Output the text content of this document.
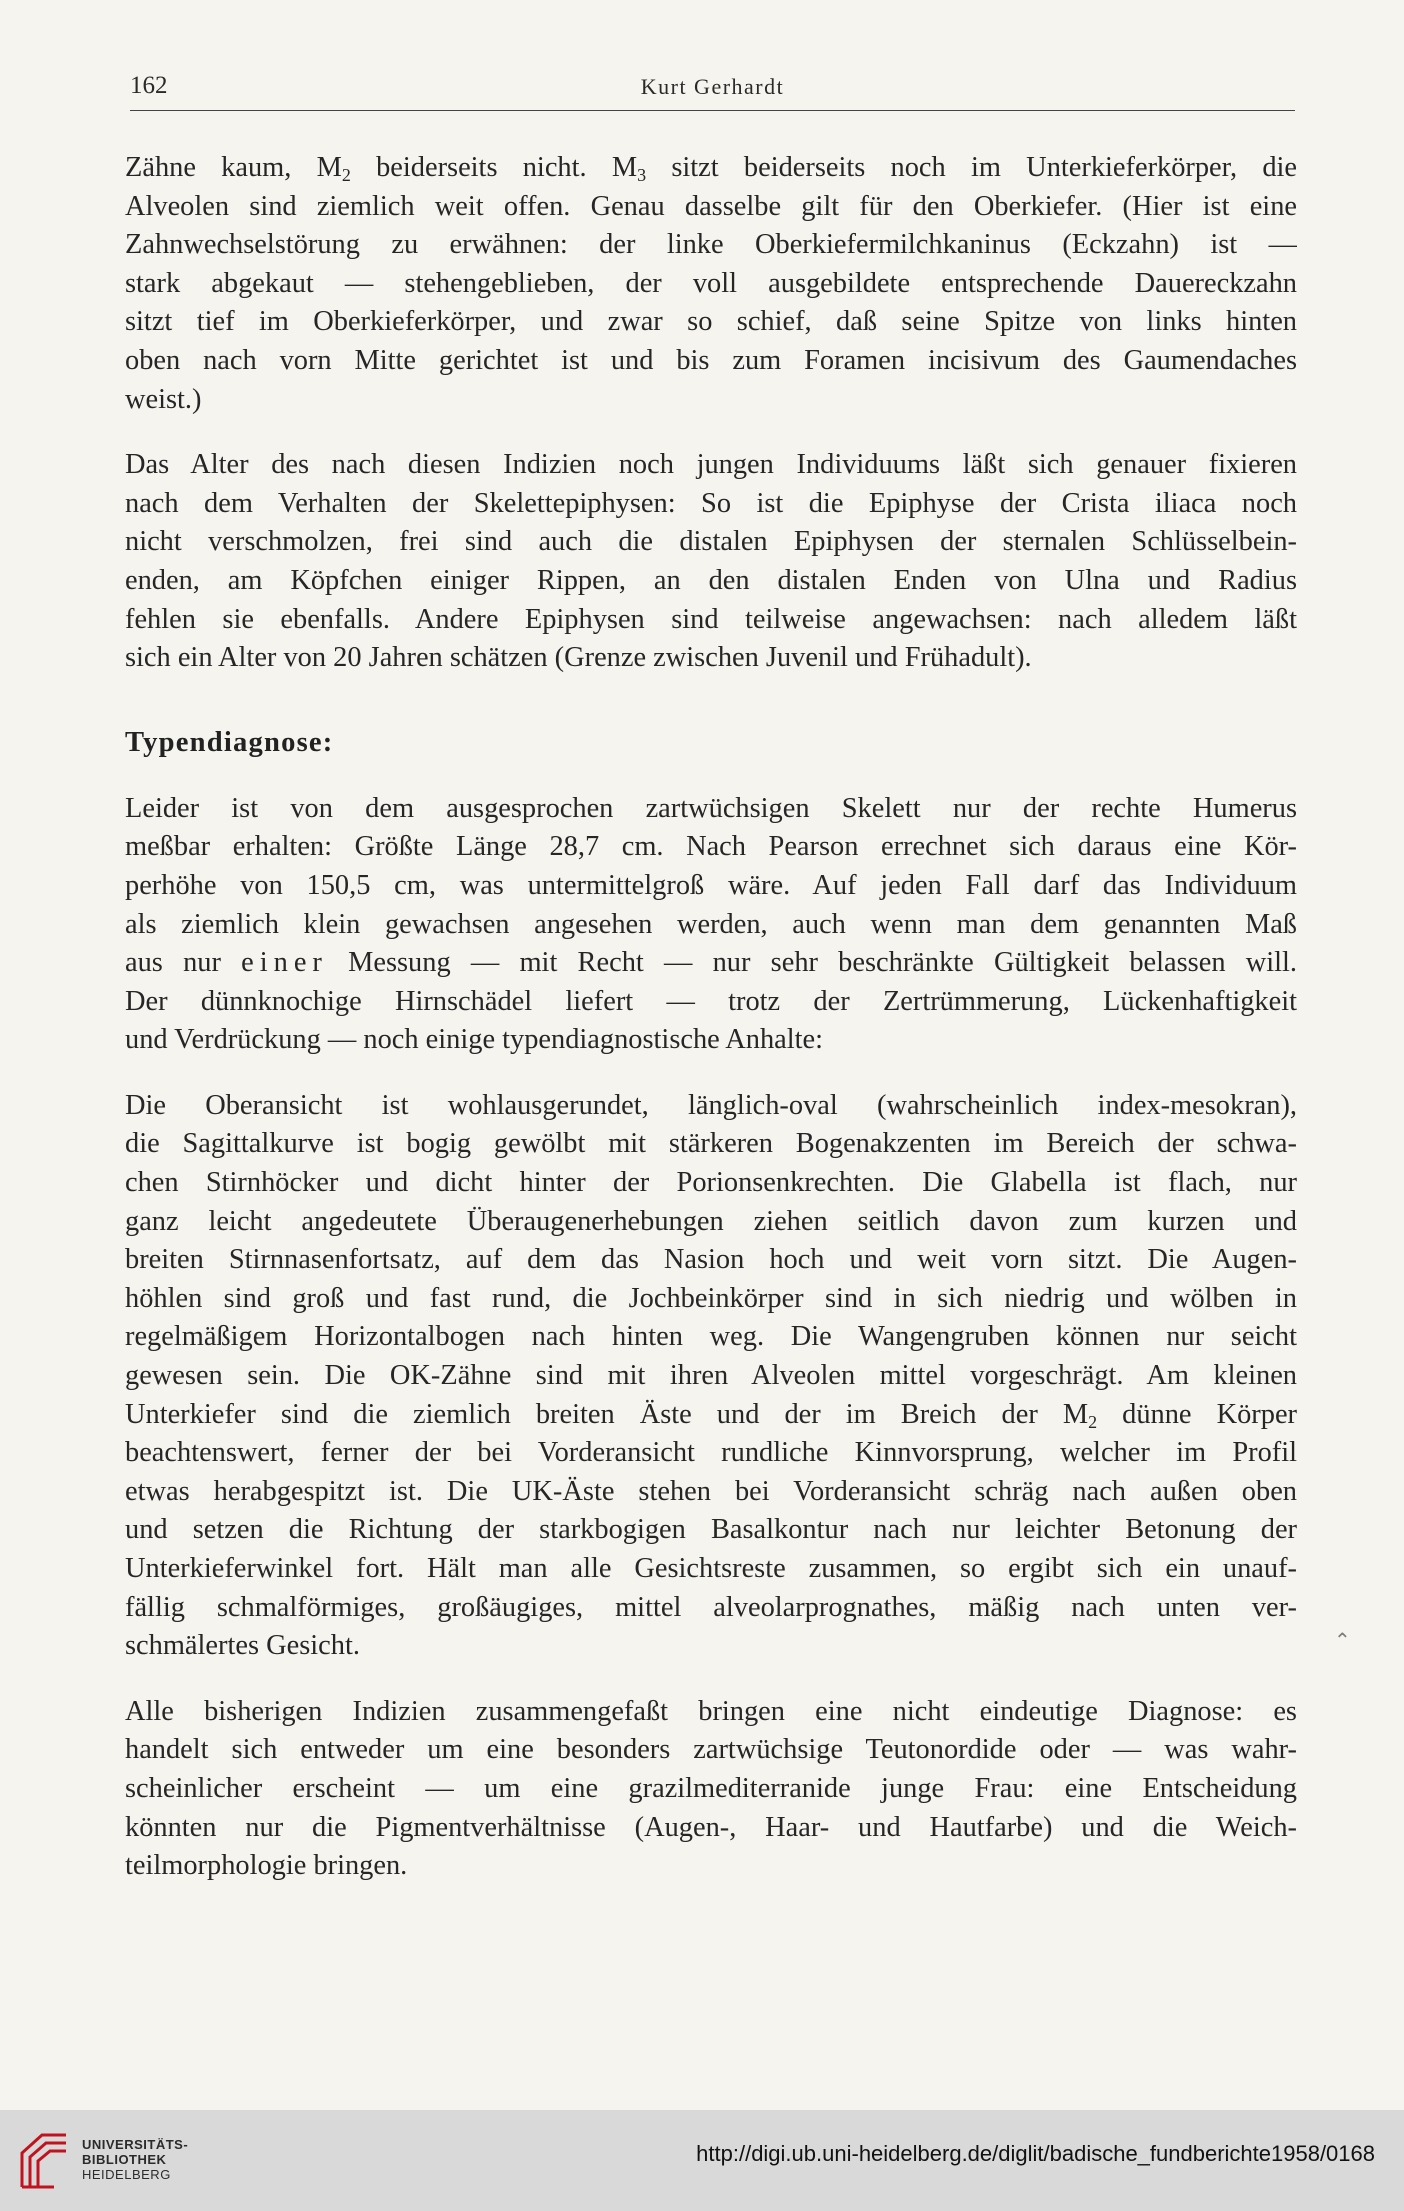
162	Kurt Gerhardt

Zähne kaum, $M_2$ beiderseits nicht. $M_3$ sitzt beiderseits noch im Unterkieferkörper, die
Alveolen sind ziemlich weit offen. Genau dasselbe gilt für den Oberkiefer. (Hier ist eine
Zahnwechselstörung zu erwähnen: der linke Oberkiefermilchkaninus (Eckzahn) ist —
stark abgekaut — stehengeblieben, der voll ausgebildete entsprechende Dauereckzahn
sitzt tief im Oberkieferkörper, und zwar so schief, daß seine Spitze von links hinten
oben nach vorn Mitte gerichtet ist und bis zum Foramen incisivum des Gaumendaches
weist.)

Das Alter des nach diesen Indizien noch jungen Individuums läßt sich genauer fixieren
nach dem Verhalten der Skelettepiphysen: So ist die Epiphyse der Crista iliaca noch
nicht verschmolzen, frei sind auch die distalen Epiphysen der sternalen Schlüsselbein-
enden, am Köpfchen einiger Rippen, an den distalen Enden von Ulna und Radius
fehlen sie ebenfalls. Andere Epiphysen sind teilweise angewachsen: nach alledem läßt
sich ein Alter von 20 Jahren schätzen (Grenze zwischen Juvenil und Frühadult).

Typendiagnose:

Leider ist von dem ausgesprochen zartwüchsigen Skelett nur der rechte Humerus
meßbar erhalten: Größte Länge 28,7 cm. Nach Pearson errechnet sich daraus eine Kör-
perhöhe von 150,5 cm, was untermittelgroß wäre. Auf jeden Fall darf das Individuum
als ziemlich klein gewachsen angesehen werden, auch wenn man dem genannten Maß
aus nur einer Messung — mit Recht — nur sehr beschränkte Gültigkeit belassen will.
Der dünnknochige Hirnschädel liefert — trotz der Zertrümmerung, Lückenhaftigkeit
und Verdrückung — noch einige typendiagnostische Anhalte:

Die Oberansicht ist wohlausgerundet, länglich-oval (wahrscheinlich index-mesokran),
die Sagittalkurve ist bogig gewölbt mit stärkeren Bogenakzenten im Bereich der schwa-
chen Stirnhöcker und dicht hinter der Porionsenkrechten. Die Glabella ist flach, nur
ganz leicht angedeutete Überaugenerhebungen ziehen seitlich davon zum kurzen und
breiten Stirnnasenfortsatz, auf dem das Nasion hoch und weit vorn sitzt. Die Augen-
höhlen sind groß und fast rund, die Jochbeinkörper sind in sich niedrig und wölben in
regelmäßigem Horizontalbogen nach hinten weg. Die Wangengruben können nur seicht
gewesen sein. Die OK-Zähne sind mit ihren Alveolen mittel vorgeschrägt. Am kleinen
Unterkiefer sind die ziemlich breiten Äste und der im Breich der $M_2$ dünne Körper
beachtenswert, ferner der bei Vorderansicht rundliche Kinnvorsprung, welcher im Profil
etwas herabgespitzt ist. Die UK-Äste stehen bei Vorderansicht schräg nach außen oben
und setzen die Richtung der starkbogigen Basalkontur nach nur leichter Betonung der
Unterkieferwinkel fort. Hält man alle Gesichtsreste zusammen, so ergibt sich ein unauf-
fällig schmalförmiges, großäugiges, mittel alveolarprognathes, mäßig nach unten ver-
schmälertes Gesicht.

Alle bisherigen Indizien zusammengefaßt bringen eine nicht eindeutige Diagnose: es
handelt sich entweder um eine besonders zartwüchsige Teutonordide oder — was wahr-
scheinlicher erscheint — um eine grazilmediterranide junge Frau: eine Entscheidung
könnten nur die Pigmentverhältnisse (Augen-, Haar- und Hautfarbe) und die Weich-
teilmorphologie bringen.

⌃
UNIVERSITÄTS-
BIBLIOTHEK
HEIDELBERG
http://digi.ub.uni-heidelberg.de/diglit/badische_fundberichte1958/0168
